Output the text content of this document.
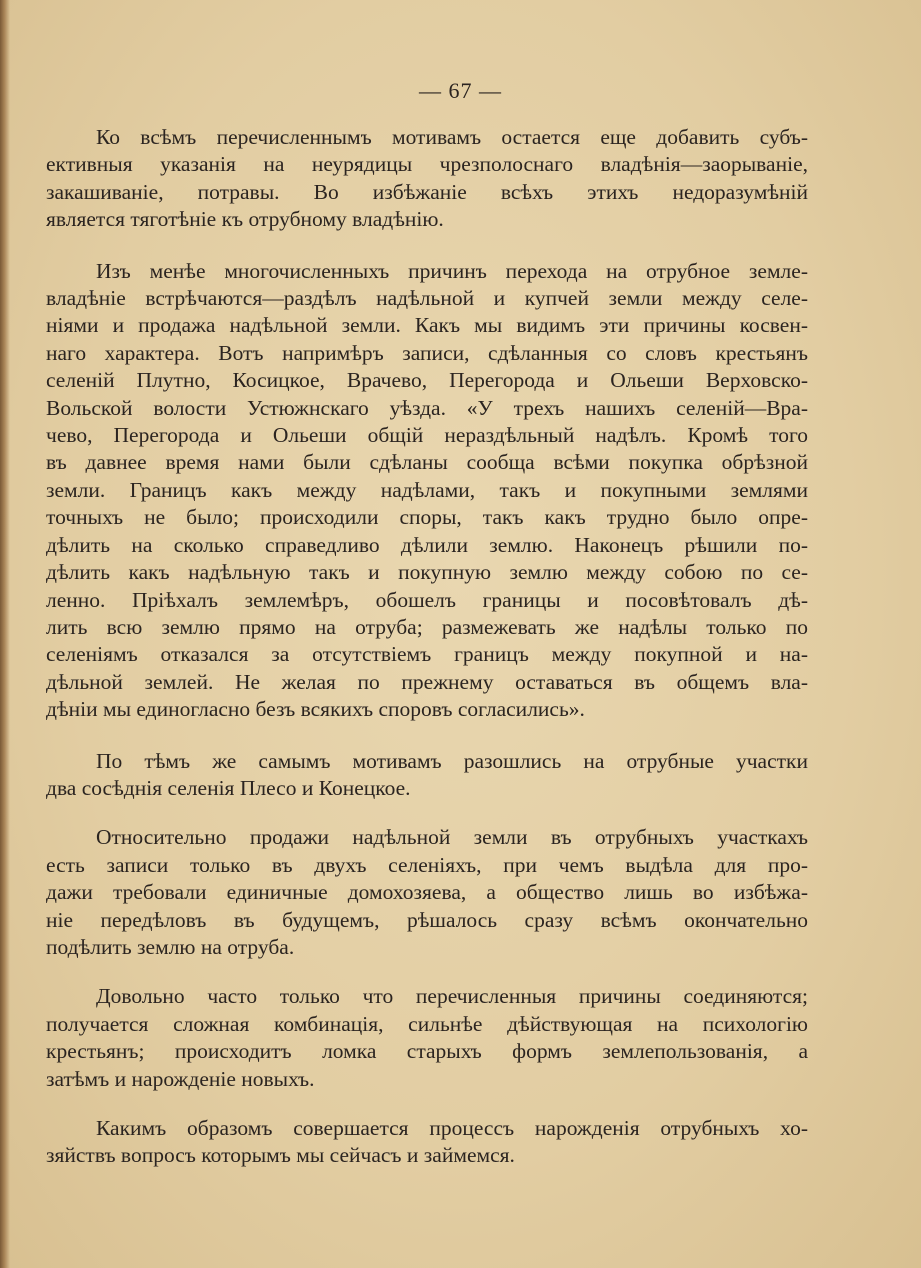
— 67 —

Ко всѣмъ перечисленнымъ мотивамъ остается еще добавить субъ-
ективныя указанія на неурядицы чрезполоснаго владѣнія—заорываніе,
закашиваніе, потравы. Во избѣжаніе всѣхъ этихъ недоразумѣній
является тяготѣніе къ отрубному владѣнію.

Изъ менѣе многочисленныхъ причинъ перехода на отрубное земле-
владѣніе встрѣчаются—раздѣлъ надѣльной и купчей земли между селе-
ніями и продажа надѣльной земли. Какъ мы видимъ эти причины косвен-
наго характера. Вотъ напримѣръ записи, сдѣланныя со словъ крестьянъ
селеній Плутно, Косицкое, Врачево, Перегорода и Ольеши Верховско-
Вольской волости Устюжнскаго уѣзда. «У трехъ нашихъ селеній—Вра-
чево, Перегорода и Ольеши общій нераздѣльный надѣлъ. Кромѣ того
въ давнее время нами были сдѣланы сообща всѣми покупка обрѣзной
земли. Границъ какъ между надѣлами, такъ и покупными землями
точныхъ не было; происходили споры, такъ какъ трудно было опре-
дѣлить на сколько справедливо дѣлили землю. Наконецъ рѣшили по-
дѣлить какъ надѣльную такъ и покупную землю между собою по се-
ленно. Пріѣхалъ землемѣръ, обошелъ границы и посовѣтовалъ дѣ-
лить всю землю прямо на отруба; размежевать же надѣлы только по
селеніямъ отказался за отсутствіемъ границъ между покупной и на-
дѣльной землей. Не желая по прежнему оставаться въ общемъ вла-
дѣніи мы единогласно безъ всякихъ споровъ согласились».

По тѣмъ же самымъ мотивамъ разошлись на отрубные участки
два сосѣднія селенія Плесо и Конецкое.

Относительно продажи надѣльной земли въ отрубныхъ участкахъ
есть записи только въ двухъ селеніяхъ, при чемъ выдѣла для про-
дажи требовали единичные домохозяева, а общество лишь во избѣжа-
ніе передѣловъ въ будущемъ, рѣшалось сразу всѣмъ окончательно
подѣлить землю на отруба.

Довольно часто только что перечисленныя причины соединяются;
получается сложная комбинація, сильнѣе дѣйствующая на психологію
крестьянъ; происходитъ ломка старыхъ формъ землепользованія, а
затѣмъ и нарожденіе новыхъ.

Какимъ образомъ совершается процессъ нарожденія отрубныхъ хо-
зяйствъ вопросъ которымъ мы сейчасъ и займемся.
